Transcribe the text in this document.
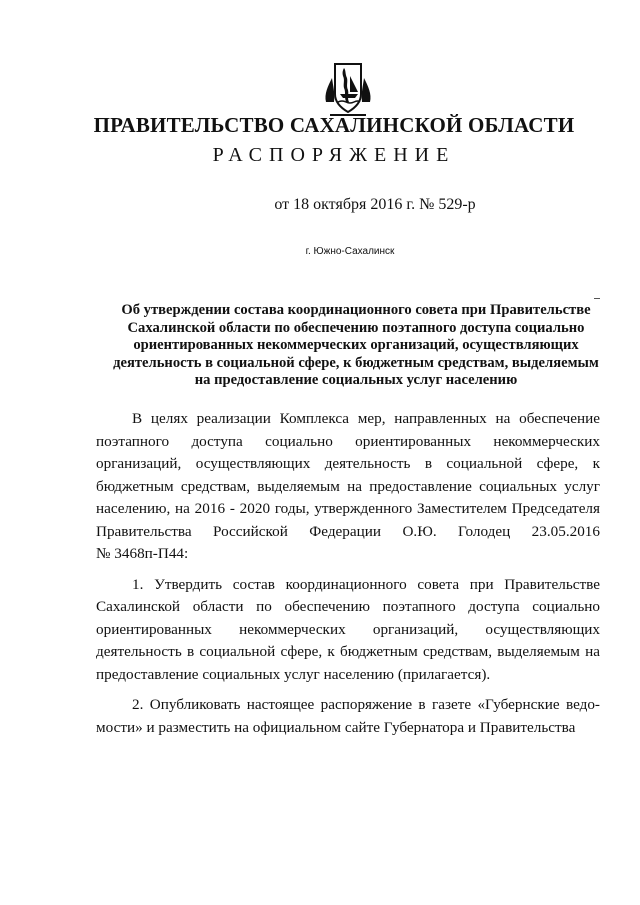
ПРАВИТЕЛЬСТВО САХАЛИНСКОЙ ОБЛАСТИ
РАСПОРЯЖЕНИЕ
от 18 октября 2016 г. № 529-р
г. Южно-Сахалинск
Об утверждении состава координационного совета при Правительстве
Сахалинской области по обеспечению поэтапного доступа социально
ориентированных некоммерческих организаций, осуществляющих
деятельность в социальной сфере, к бюджетным средствам, выделяемым
на предоставление социальных услуг населению
В целях реализации Комплекса мер, направленных на обеспечение
поэтапного доступа социально ориентированных некоммерческих
организаций, осуществляющих деятельность в социальной сфере, к
бюджетным средствам, выделяемым на предоставление социальных услуг
населению, на 2016 - 2020 годы, утвержденного Заместителем Председателя
Правительства Российской Федерации О.Ю. Голодец 23.05.2016
№ 3468п-П44:
1. Утвердить состав координационного совета при Правительстве
Сахалинской области по обеспечению поэтапного доступа социально
ориентированных некоммерческих организаций, осуществляющих
деятельность в социальной сфере, к бюджетным средствам, выделяемым на
предоставление социальных услуг населению (прилагается).
2. Опубликовать настоящее распоряжение в газете «Губернские ведо-
мости» и разместить на официальном сайте Губернатора и Правительства
